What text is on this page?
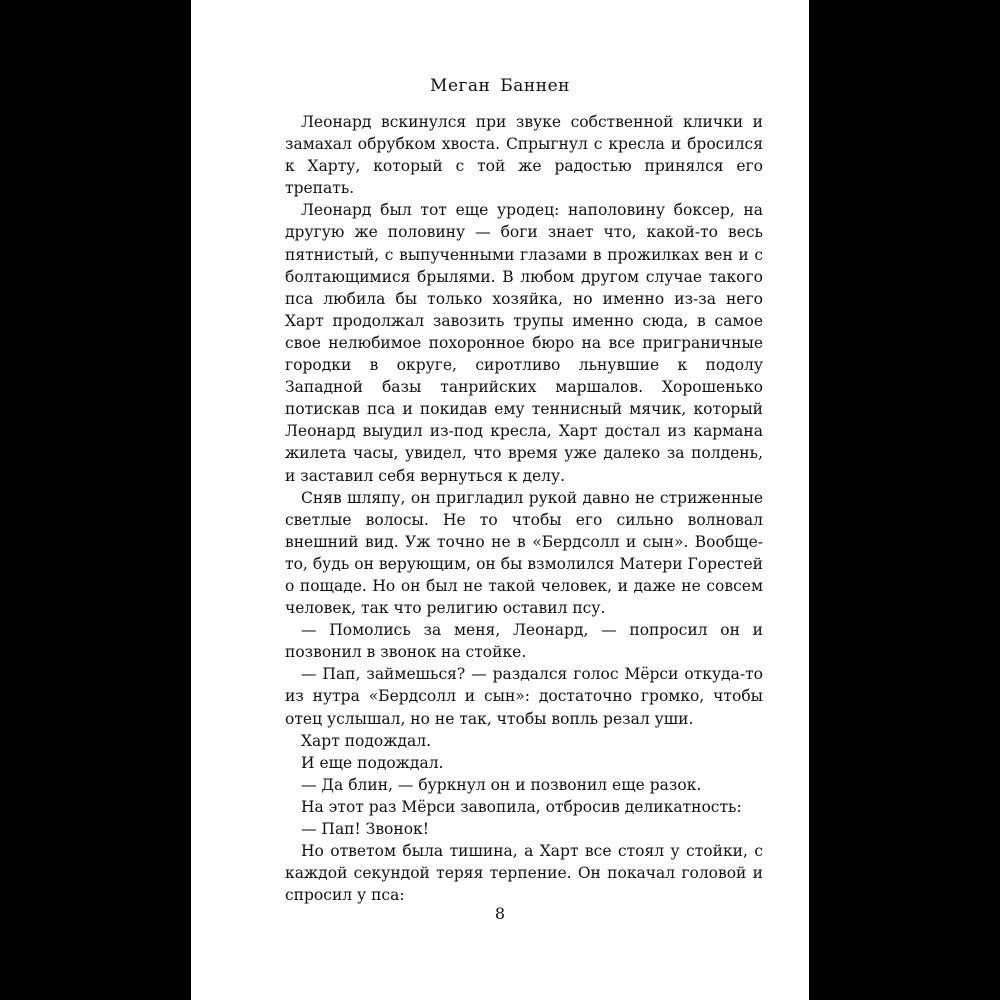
Меган Баннен

Леонард вскинулся при звуке собственной клички и замахал обрубком хвоста. Спрыгнул с кресла и бросился к Харту, который с той же радостью принялся его трепать.

Леонард был тот еще уродец: наполовину боксер, на другую же половину — боги знает что, какой-то весь пятнистый, с выпученными глазами в прожилках вен и с болтающимися брылями. В любом другом случае такого пса любила бы только хозяйка, но именно из-за него Харт продолжал завозить трупы именно сюда, в самое свое нелюбимое похоронное бюро на все приграничные городки в округе, сиротливо льнувшие к подолу Западной базы танрийских маршалов. Хорошенько потискав пса и покидав ему теннисный мячик, который Леонард выудил из-под кресла, Харт достал из кармана жилета часы, увидел, что время уже далеко за полдень, и заставил себя вернуться к делу.

Сняв шляпу, он пригладил рукой давно не стриженные светлые волосы. Не то чтобы его сильно волновал внешний вид. Уж точно не в «Бердсолл и сын». Вообще-то, будь он верующим, он бы взмолился Матери Горестей о пощаде. Но он был не такой человек, и даже не совсем человек, так что религию оставил псу.

— Помолись за меня, Леонард, — попросил он и позвонил в звонок на стойке.

— Пап, займешься? — раздался голос Мёрси откуда-то из нутра «Бердсолл и сын»: достаточно громко, чтобы отец услышал, но не так, чтобы вопль резал уши.

Харт подождал.

И еще подождал.

— Да блин, — буркнул он и позвонил еще разок.

На этот раз Мёрси завопила, отбросив деликатность:

— Пап! Звонок!

Но ответом была тишина, а Харт все стоял у стойки, с каждой секундой теряя терпение. Он покачал головой и спросил у пса:

8
